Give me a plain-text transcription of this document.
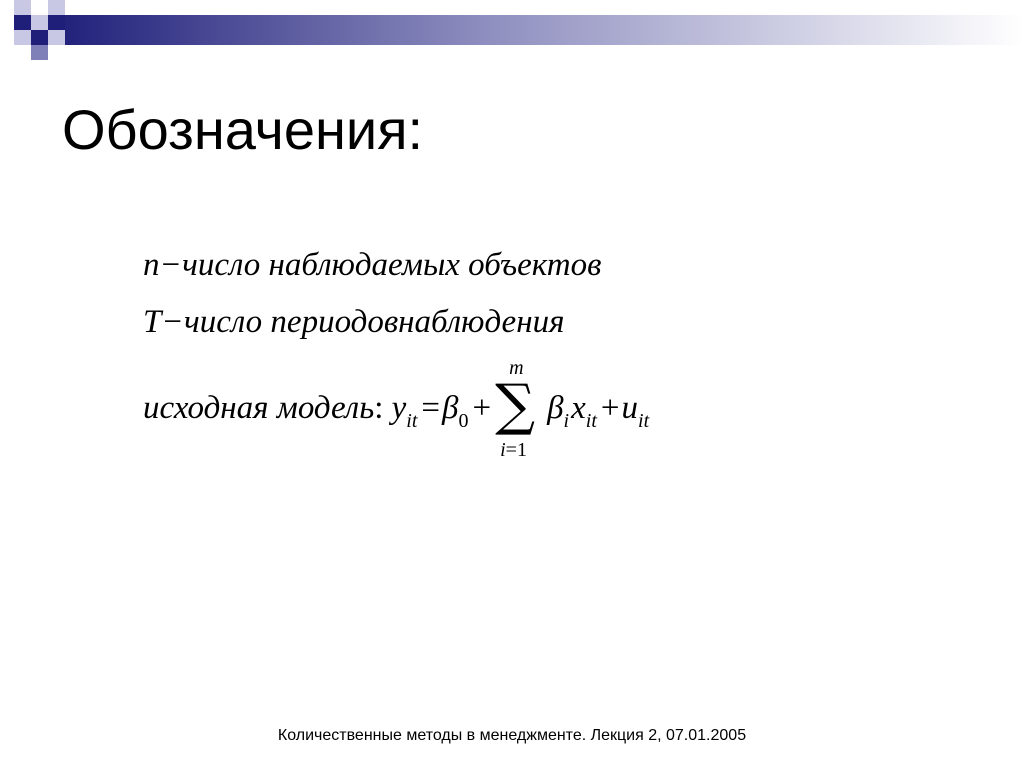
Обозначения:
n−число наблюдаемых объектов
T−число периодовнаблюдения
исходная модель: $y_{it} =\beta_0$ +
m
∑
i=1
$\beta_ix_{it} +u_{it}$
Количественные методы в менеджменте. Лекция 2, 07.01.2005
